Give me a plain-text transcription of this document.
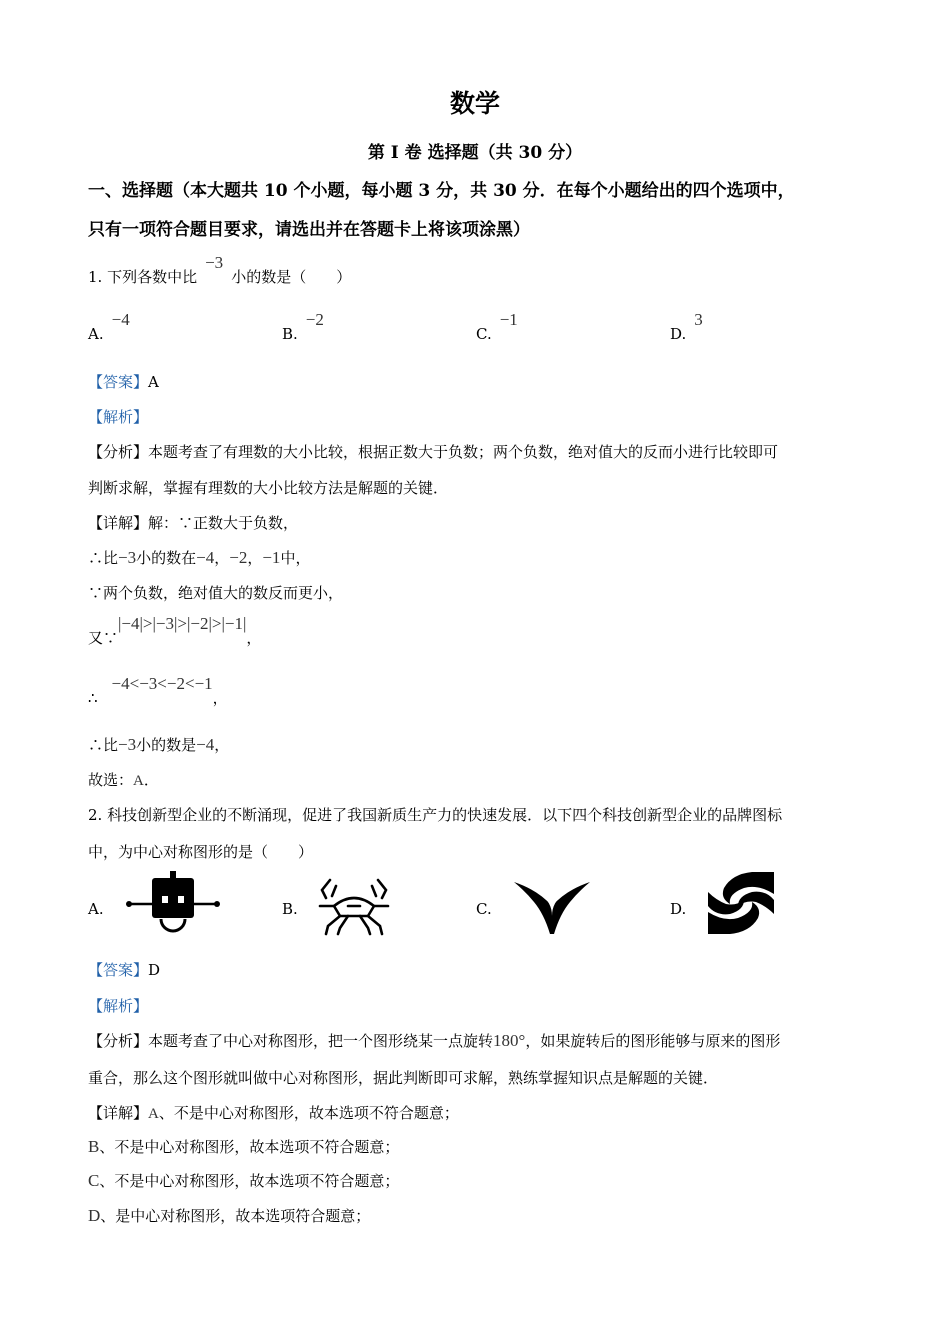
数学
第 I 卷 选择题（共 30 分）
一、选择题（本大题共 10 个小题，每小题 3 分，共 30 分．在每个小题给出的四个选项中，
只有一项符合题目要求，请选出并在答题卡上将该项涂黑）
1. 下列各数中比−3小的数是（　　）
A.−4
B.−2
C.−1
D.3
【答案】A
【解析】
【分析】本题考查了有理数的大小比较，根据正数大于负数；两个负数，绝对值大的反而小进行比较即可
判断求解，掌握有理数的大小比较方法是解题的关键．
【详解】解：∵正数大于负数，
∴比−3小的数在−4，−2，−1中，
∵两个负数，绝对值大的数反而更小，
又∵|−4|>|−3|>|−2|>|−1|，
∴−4<−3<−2<−1，
∴比−3小的数是−4，
故选：A．
2. 科技创新型企业的不断涌现，促进了我国新质生产力的快速发展．以下四个科技创新型企业的品牌图标
中，为中心对称图形的是（　　）
A.	B.	C.	D.
【答案】D
【解析】
【分析】本题考查了中心对称图形，把一个图形绕某一点旋转180°，如果旋转后的图形能够与原来的图形
重合，那么这个图形就叫做中心对称图形，据此判断即可求解，熟练掌握知识点是解题的关键．
【详解】A、不是中心对称图形，故本选项不符合题意；
B、不是中心对称图形，故本选项不符合题意；
C、不是中心对称图形，故本选项不符合题意；
D、是中心对称图形，故本选项符合题意；
